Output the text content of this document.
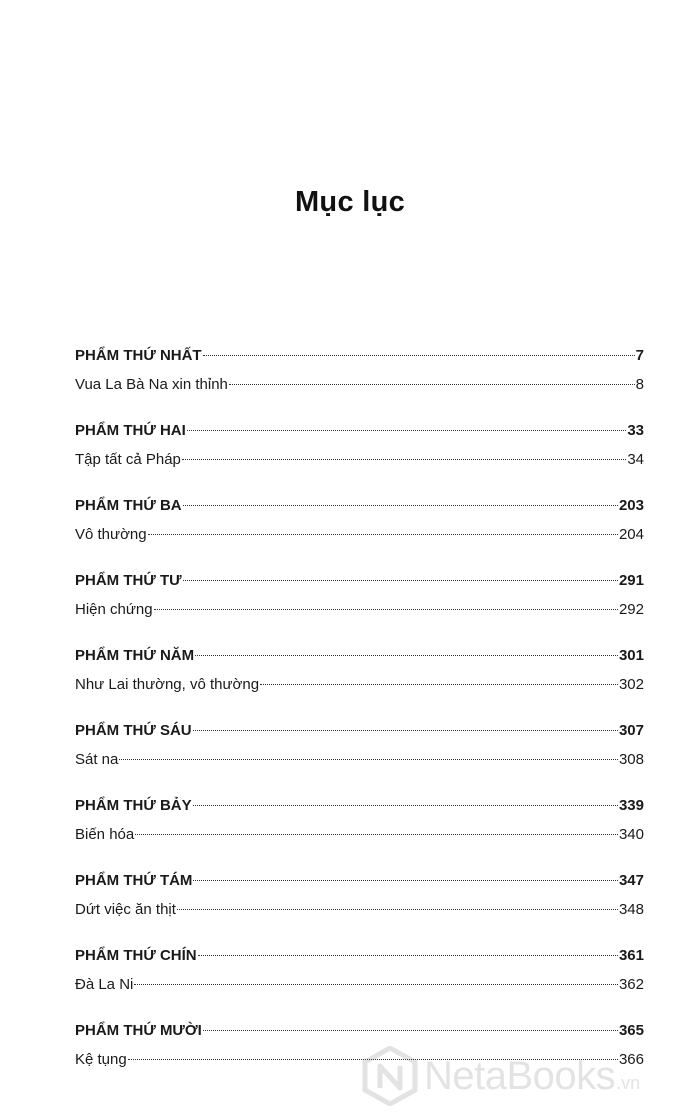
Mục lục
PHẨM THỨ NHẤT	7
Vua La Bà Na xin thỉnh	8
PHẨM THỨ HAI	33
Tập tất cả Pháp	34
PHẨM THỨ BA	203
Vô thường	204
PHẨM THỨ TƯ	291
Hiện chứng	292
PHẨM THỨ NĂM	301
Như Lai thường, vô thường	302
PHẨM THỨ SÁU	307
Sát na	308
PHẨM THỨ BẢY	339
Biến hóa	340
PHẨM THỨ TÁM	347
Dứt việc ăn thịt	348
PHẨM THỨ CHÍN	361
Đà La Ni	362
PHẨM THỨ MƯỜI	365
Kệ tụng	366
NetaBooks .vn
